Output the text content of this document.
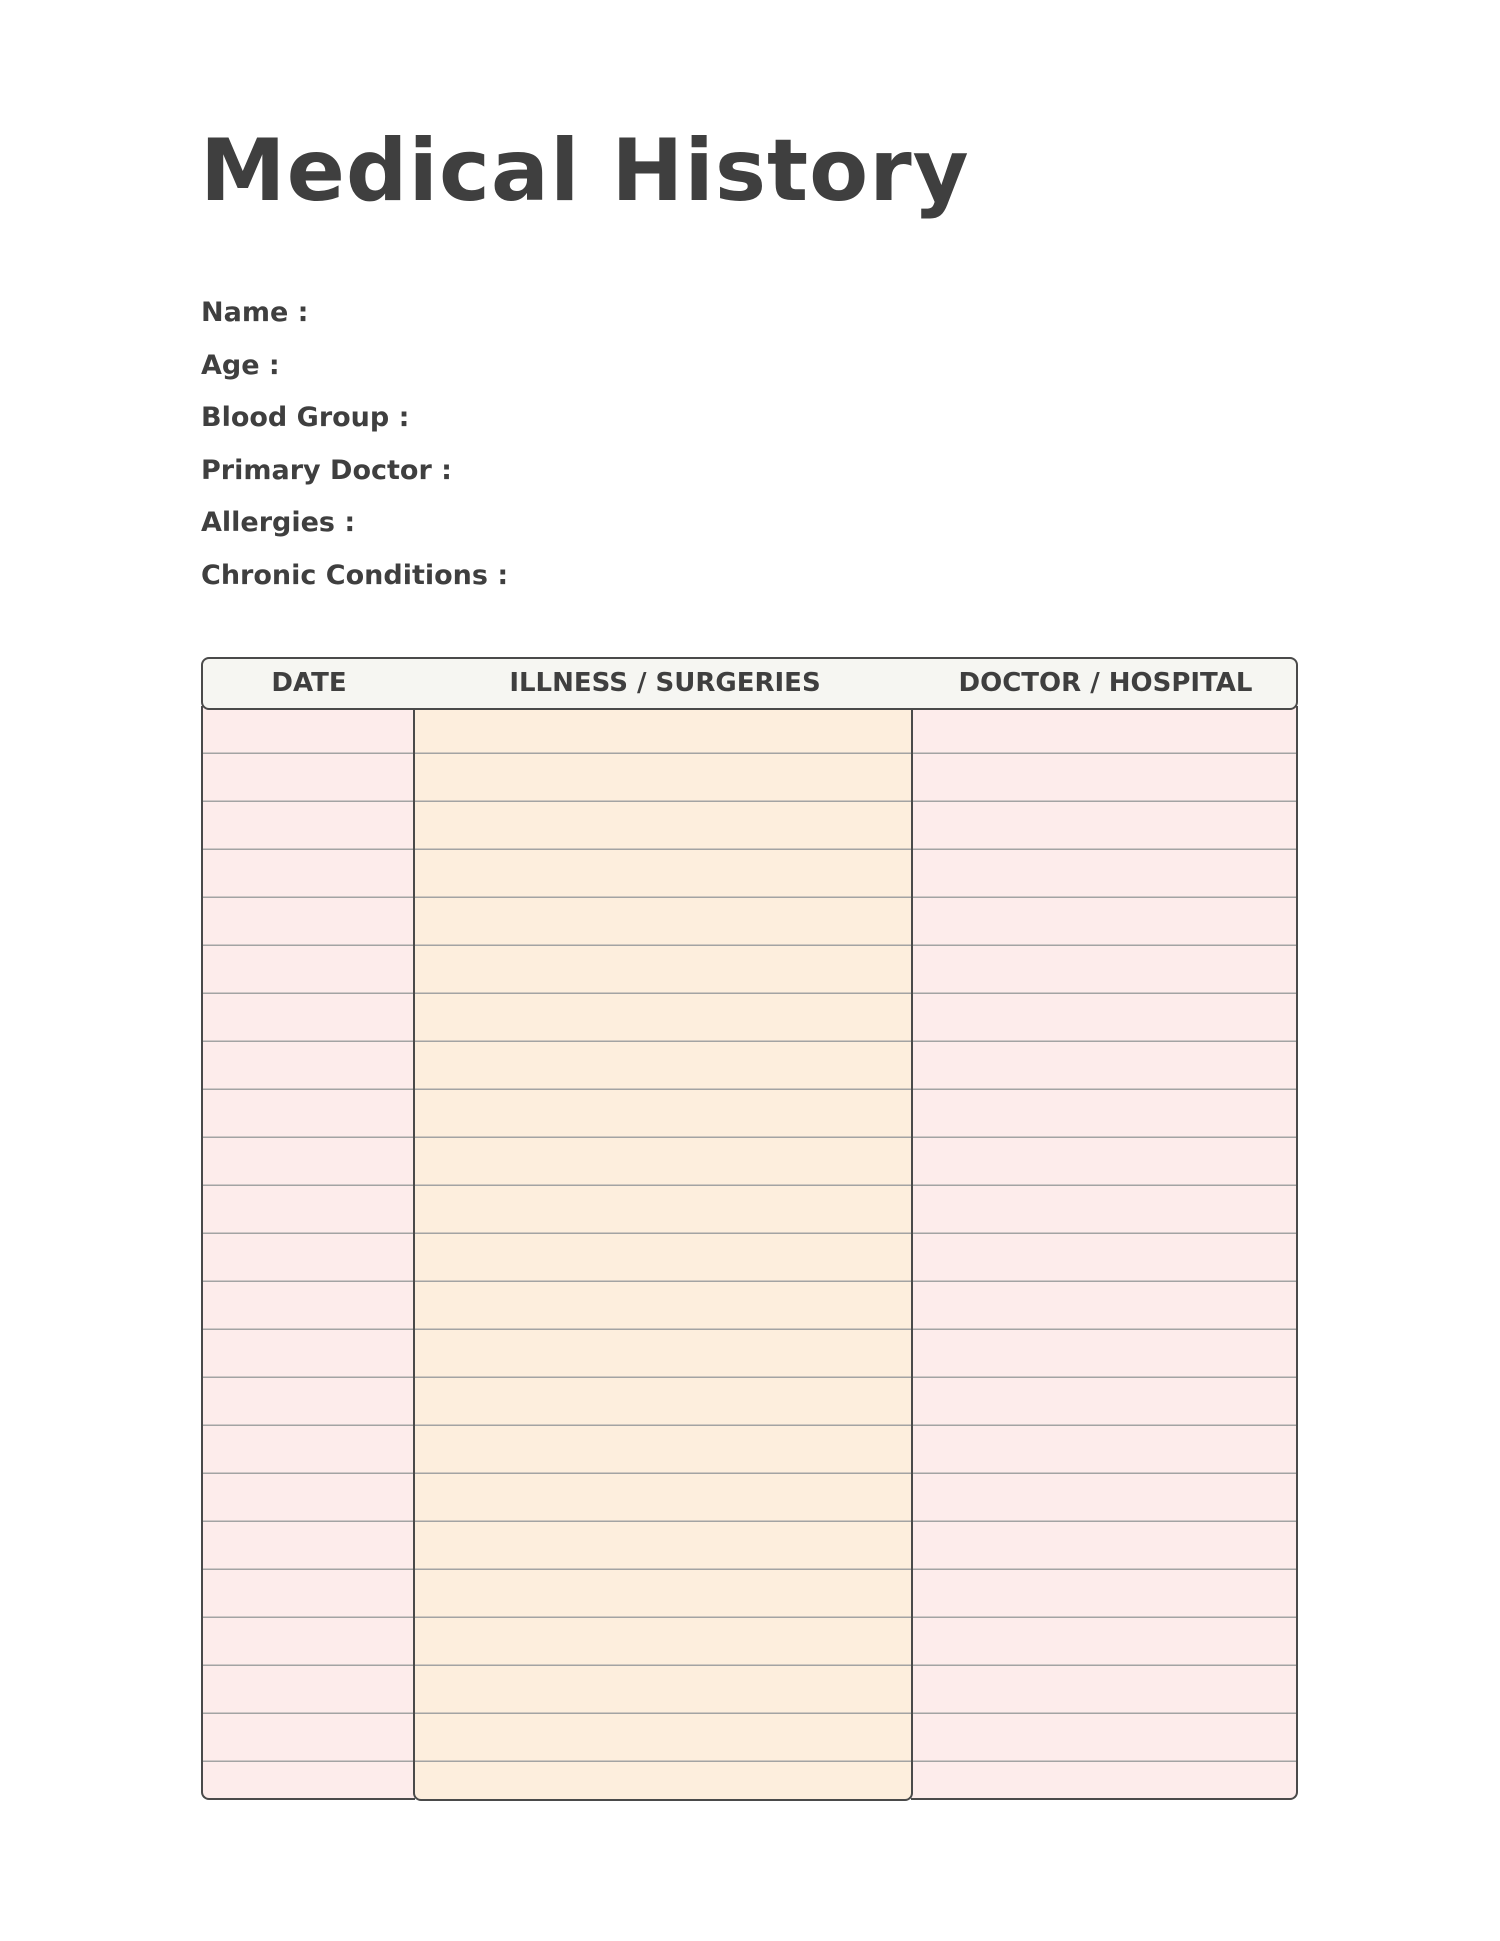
Medical History
Name :
Age :
Blood Group :
Primary Doctor :
Allergies :
Chronic Conditions :
DATE	ILLNESS / SURGERIES	DOCTOR / HOSPITAL
